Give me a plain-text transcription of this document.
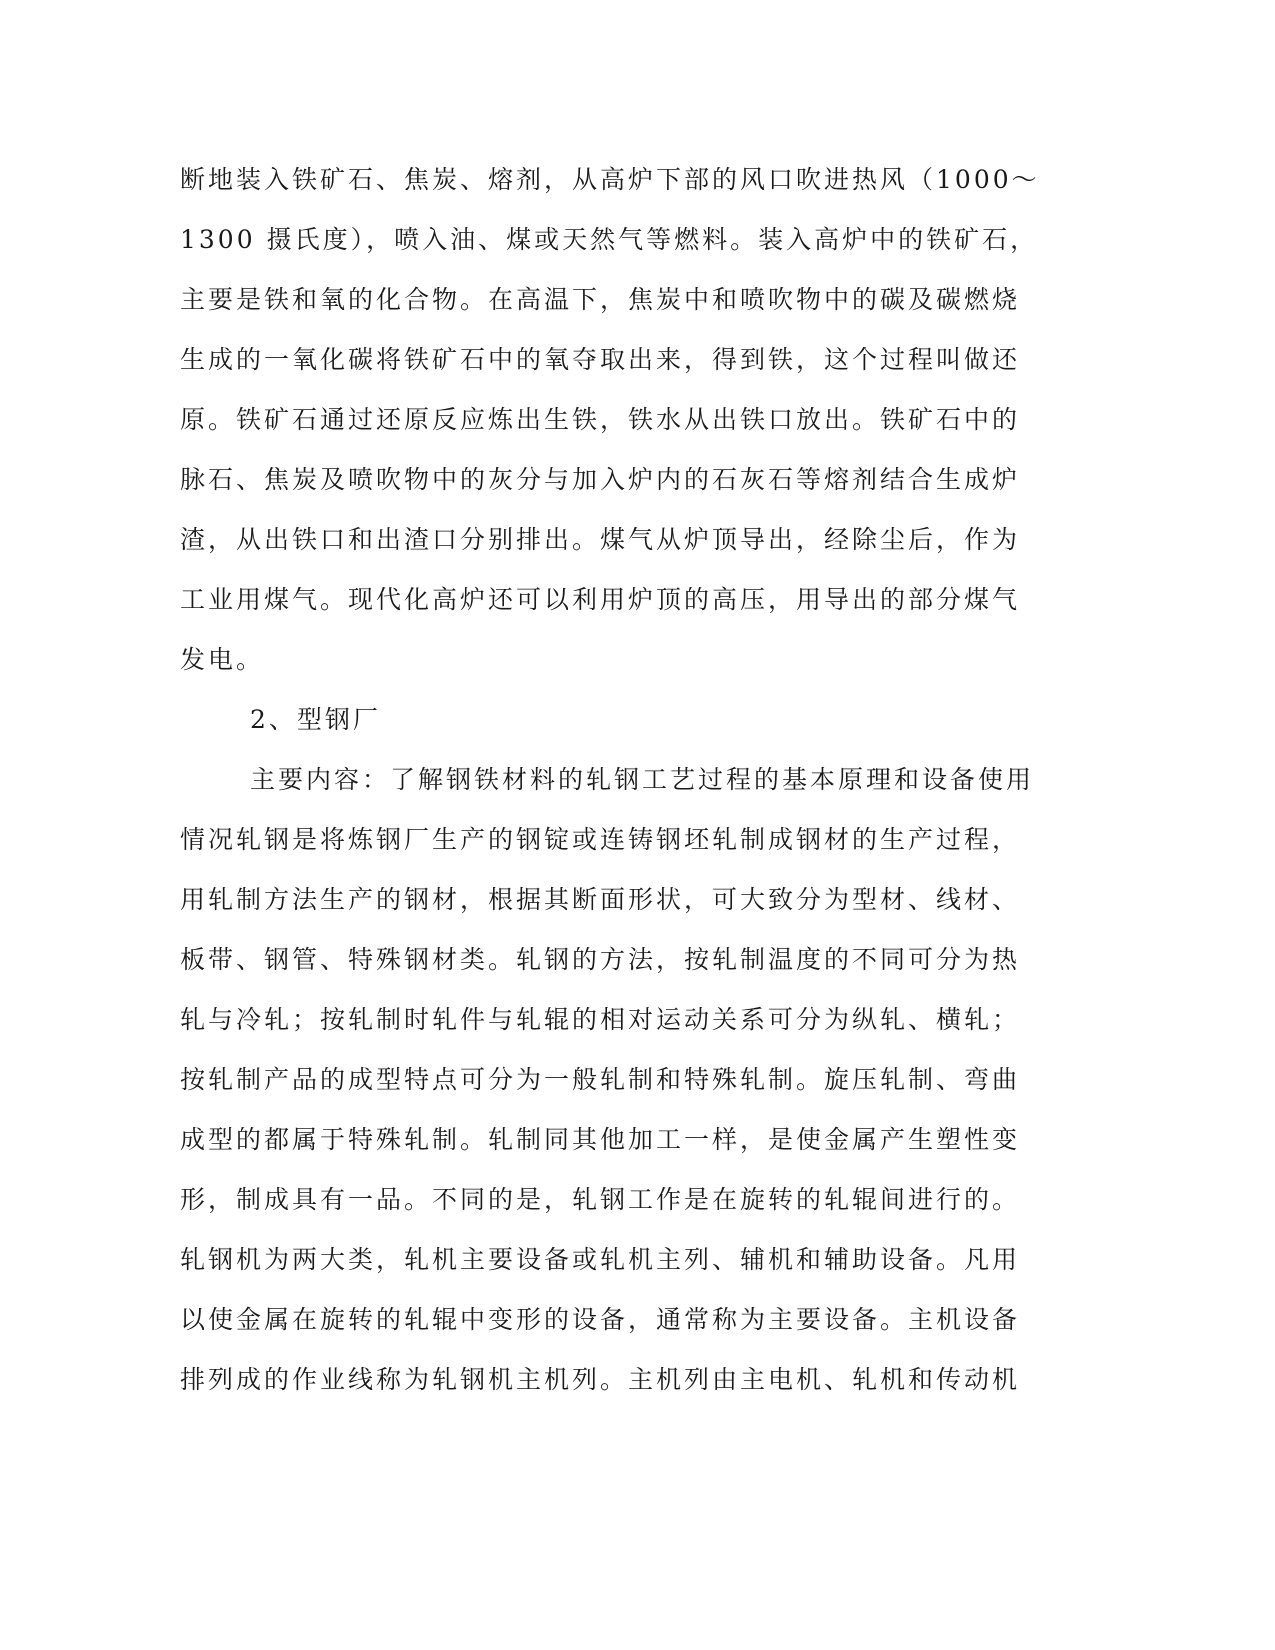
断地装入铁矿石、焦炭、熔剂，从高炉下部的风口吹进热风（1000～
1300 摄氏度），喷入油、煤或天然气等燃料。装入高炉中的铁矿石，
主要是铁和氧的化合物。在高温下，焦炭中和喷吹物中的碳及碳燃烧
生成的一氧化碳将铁矿石中的氧夺取出来，得到铁，这个过程叫做还
原。铁矿石通过还原反应炼出生铁，铁水从出铁口放出。铁矿石中的
脉石、焦炭及喷吹物中的灰分与加入炉内的石灰石等熔剂结合生成炉
渣，从出铁口和出渣口分别排出。煤气从炉顶导出，经除尘后，作为
工业用煤气。现代化高炉还可以利用炉顶的高压，用导出的部分煤气
发电。
2、型钢厂
主要内容：了解钢铁材料的轧钢工艺过程的基本原理和设备使用
情况轧钢是将炼钢厂生产的钢锭或连铸钢坯轧制成钢材的生产过程，
用轧制方法生产的钢材，根据其断面形状，可大致分为型材、线材、
板带、钢管、特殊钢材类。轧钢的方法，按轧制温度的不同可分为热
轧与冷轧；按轧制时轧件与轧辊的相对运动关系可分为纵轧、横轧；
按轧制产品的成型特点可分为一般轧制和特殊轧制。旋压轧制、弯曲
成型的都属于特殊轧制。轧制同其他加工一样，是使金属产生塑性变
形，制成具有一品。不同的是，轧钢工作是在旋转的轧辊间进行的。
轧钢机为两大类，轧机主要设备或轧机主列、辅机和辅助设备。凡用
以使金属在旋转的轧辊中变形的设备，通常称为主要设备。主机设备
排列成的作业线称为轧钢机主机列。主机列由主电机、轧机和传动机
